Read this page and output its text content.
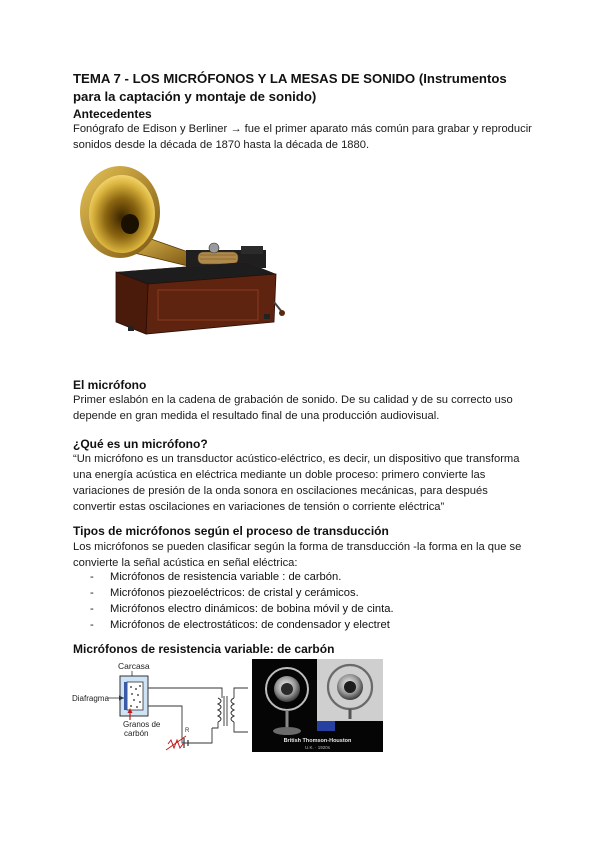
TEMA 7 - LOS MICRÓFONOS Y LA MESAS DE SONIDO (Instrumentos para la captación y montaje de sonido)
Antecedentes

Fonógrafo de Edison y Berliner → fue el primer aparato más común para grabar y reproducir sonidos desde la década de 1870 hasta la década de 1880.

El micrófono

Primer eslabón en la cadena de grabación de sonido. De su calidad y de su correcto uso depende en gran medida el resultado final de una producción audiovisual.

¿Qué es un micrófono?

“Un micrófono es un transductor acústico-eléctrico, es decir, un dispositivo que transforma una energía acústica en eléctrica mediante un doble proceso: primero convierte las variaciones de presión de la onda sonora en oscilaciones mecánicas, para después convertir estas oscilaciones en variaciones de tensión o corriente eléctrica”

Tipos de micrófonos según el proceso de transducción

Los micrófonos se pueden clasificar según la forma de transducción -la forma en la que se convierte la señal acústica en señal eléctrica:

- Micrófonos de resistencia variable : de carbón.
- Micrófonos piezoeléctricos: de cristal y cerámicos.
- Micrófonos electro dinámicos: de bobina móvil y de cinta.
- Micrófonos de electrostáticos: de condensador y electret
Micrófonos de resistencia variable: de carbón
Carcasa
Diafragma
Granos de
carbón	R
British Thomson-Houston
U.K. · 1920s
